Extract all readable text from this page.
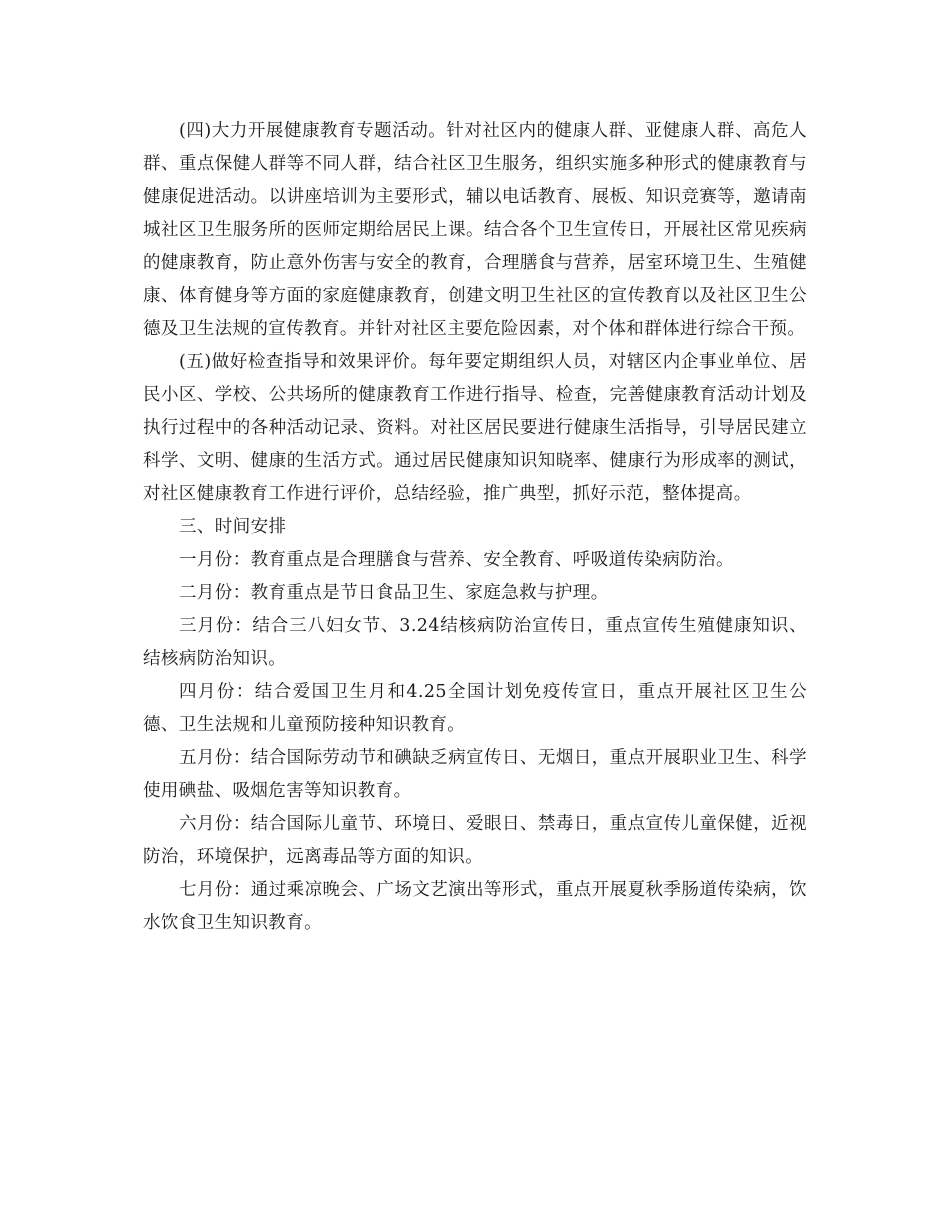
(四)大力开展健康教育专题活动。针对社区内的健康人群、亚健康人群、高危人群、重点保健人群等不同人群，结合社区卫生服务，组织实施多种形式的健康教育与健康促进活动。以讲座培训为主要形式，辅以电话教育、展板、知识竞赛等，邀请南城社区卫生服务所的医师定期给居民上课。结合各个卫生宣传日，开展社区常见疾病的健康教育，防止意外伤害与安全的教育，合理膳食与营养，居室环境卫生、生殖健康、体育健身等方面的家庭健康教育，创建文明卫生社区的宣传教育以及社区卫生公德及卫生法规的宣传教育。并针对社区主要危险因素，对个体和群体进行综合干预。

(五)做好检查指导和效果评价。每年要定期组织人员，对辖区内企事业单位、居民小区、学校、公共场所的健康教育工作进行指导、检查，完善健康教育活动计划及执行过程中的各种活动记录、资料。对社区居民要进行健康生活指导，引导居民建立科学、文明、健康的生活方式。通过居民健康知识知晓率、健康行为形成率的测试，对社区健康教育工作进行评价，总结经验，推广典型，抓好示范，整体提高。

三、时间安排

一月份：教育重点是合理膳食与营养、安全教育、呼吸道传染病防治。

二月份：教育重点是节日食品卫生、家庭急救与护理。

三月份：结合三八妇女节、3.24结核病防治宣传日，重点宣传生殖健康知识、结核病防治知识。

四月份：结合爱国卫生月和4.25全国计划免疫传宣日，重点开展社区卫生公德、卫生法规和儿童预防接种知识教育。

五月份：结合国际劳动节和碘缺乏病宣传日、无烟日，重点开展职业卫生、科学使用碘盐、吸烟危害等知识教育。

六月份：结合国际儿童节、环境日、爱眼日、禁毒日，重点宣传儿童保健，近视防治，环境保护，远离毒品等方面的知识。

七月份：通过乘凉晚会、广场文艺演出等形式，重点开展夏秋季肠道传染病，饮水饮食卫生知识教育。
